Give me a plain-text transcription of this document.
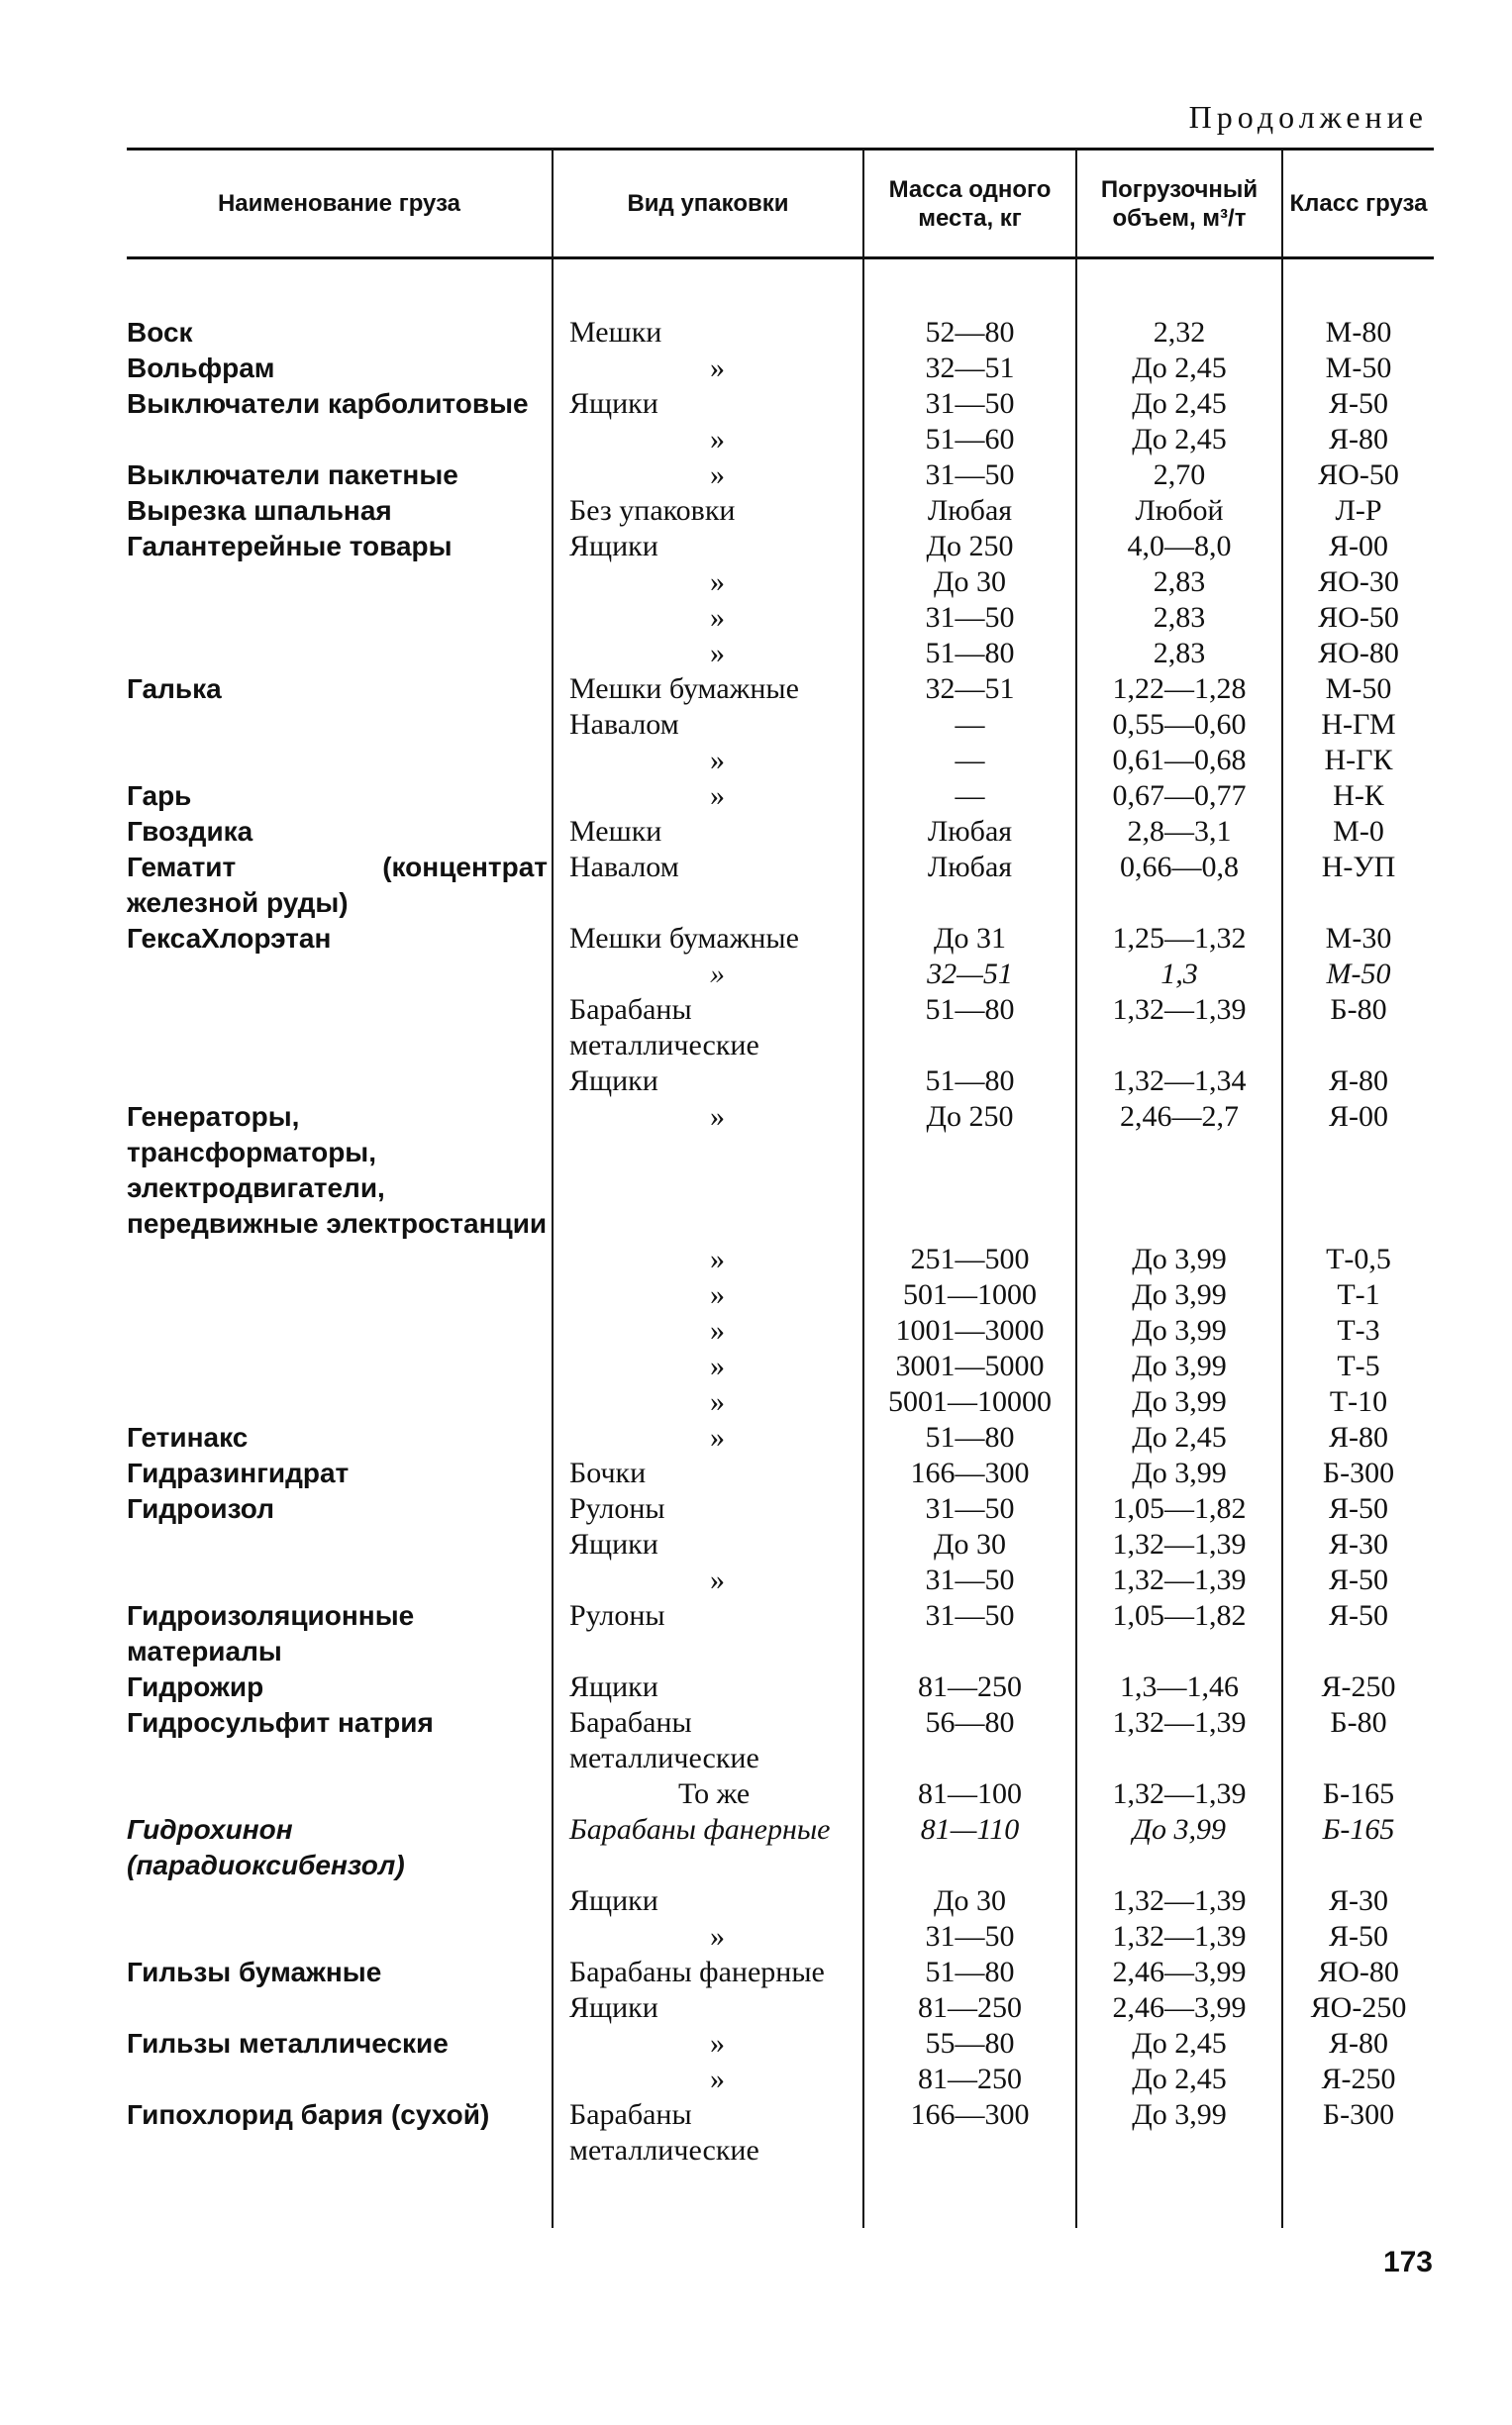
Продолжение
Наименование груза	Вид упаковки	Масса одного места, кг	Погрузочный объем, м³/т	Класс груза

Воск	Мешки	52—80	2,32	М-80
Вольфрам	»	32—51	До 2,45	М-50
Выключатели карболитовые	Ящики	31—50	До 2,45	Я-50

	»	51—60	До 2,45	Я-80
Выключатели пакетные	»	31—50	2,70	ЯО-50
Вырезка шпальная	Без упаковки	Любая	Любой	Л-Р
Галантерейные товары	Ящики	До 250	4,0—8,0	Я-00

	»	До 30	2,83	ЯО-30

	»	31—50	2,83	ЯО-50

	»	51—80	2,83	ЯО-80
Галька	Мешки бумажные	32—51	1,22—1,28	М-50
	Навалом	—	0,55—0,60	Н-ГМ

	»	—	0,61—0,68	Н-ГК
Гарь	»	—	0,67—0,77	Н-К
Гвоздика	Мешки	Любая	2,8—3,1	М-0
Гематит (концентрат железной руды)	Навалом	Любая	0,66—0,8	Н-УП
ГексаХлорэтан	Мешки бумажные	До 31	1,25—1,32	М-30

	»	32—51	1,3	М-50
	Барабаны металлические	51—80	1,32—1,39	Б-80
	Ящики	51—80	1,32—1,34	Я-80
Генераторы, трансформаторы, электродвигатели, передвижные электростанции	»	До 250	2,46—2,7	Я-00

	»	251—500	До 3,99	Т-0,5

	»	501—1000	До 3,99	Т-1

	»	1001—3000	До 3,99	Т-3

	»	3001—5000	До 3,99	Т-5

	»	5001—10000	До 3,99	Т-10
Гетинакс	»	51—80	До 2,45	Я-80
Гидразингидрат	Бочки	166—300	До 3,99	Б-300
Гидроизол	Рулоны	31—50	1,05—1,82	Я-50
	Ящики	До 30	1,32—1,39	Я-30

	»	31—50	1,32—1,39	Я-50
Гидроизоляционные материалы	Рулоны	31—50	1,05—1,82	Я-50
Гидрожир	Ящики	81—250	1,3—1,46	Я-250
Гидросульфит натрия	Барабаны металлические	56—80	1,32—1,39	Б-80

	То же	81—100	1,32—1,39	Б-165
Гидрохинон (парадиоксибензол)	Барабаны фанерные	81—110	До 3,99	Б-165
	Ящики	До 30	1,32—1,39	Я-30

	»	31—50	1,32—1,39	Я-50
Гильзы бумажные	Барабаны фанерные	51—80	2,46—3,99	ЯО-80
	Ящики	81—250	2,46—3,99	ЯО-250
Гильзы металлические	»	55—80	До 2,45	Я-80

	»	81—250	До 2,45	Я-250
Гипохлорид бария (сухой)	Барабаны металлические	166—300	До 3,99	Б-300

173
